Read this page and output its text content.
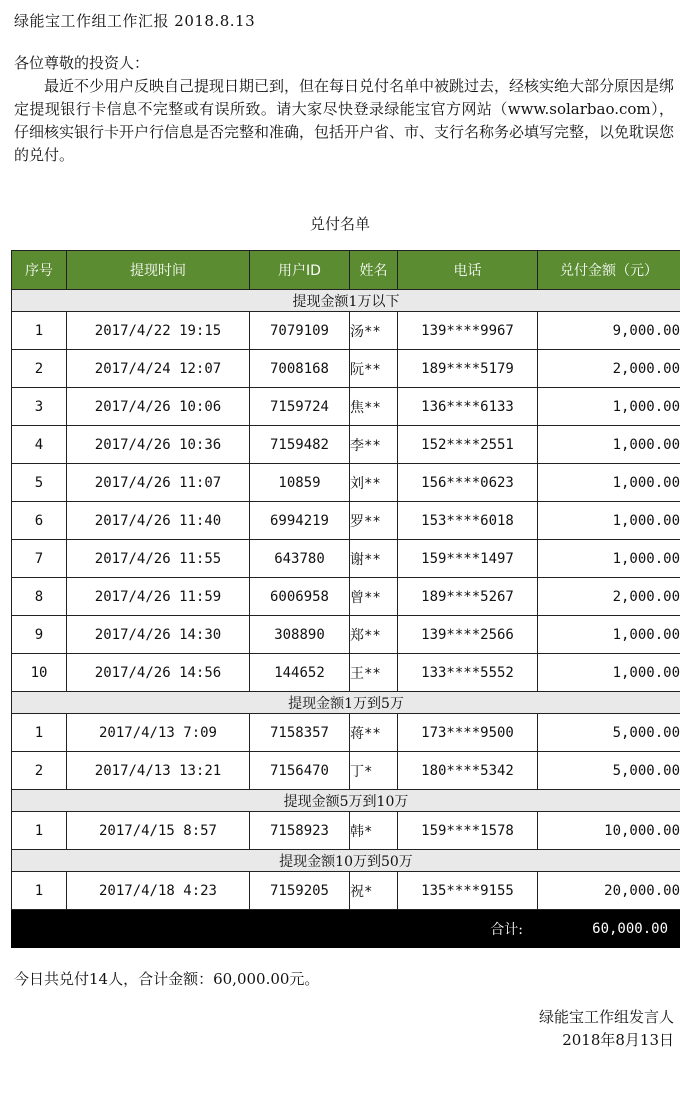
绿能宝工作组工作汇报 2018.8.13

各位尊敬的投资人：

最近不少用户反映自己提现日期已到，但在每日兑付名单中被跳过去，经核实绝大部分原因是绑定提现银行卡信息不完整或有误所致。请大家尽快登录绿能宝官方网站（www.solarbao.com），仔细核实银行卡开户行信息是否完整和准确，包括开户省、市、支行名称务必填写完整，以免耽误您的兑付。

兑付名单
序号	提现时间	用户ID	姓名	电话	兑付金额（元）
提现金额1万以下					
1	2017/4/22 19:15	7079109	汤**	139****9967	9,000.00
2	2017/4/24 12:07	7008168	阮**	189****5179	2,000.00
3	2017/4/26 10:06	7159724	焦**	136****6133	1,000.00
4	2017/4/26 10:36	7159482	李**	152****2551	1,000.00
5	2017/4/26 11:07	10859	刘**	156****0623	1,000.00
6	2017/4/26 11:40	6994219	罗**	153****6018	1,000.00
7	2017/4/26 11:55	643780	谢**	159****1497	1,000.00
8	2017/4/26 11:59	6006958	曾**	189****5267	2,000.00
9	2017/4/26 14:30	308890	郑**	139****2566	1,000.00
10	2017/4/26 14:56	144652	王**	133****5552	1,000.00
提现金额1万到5万					
1	2017/4/13 7:09	7158357	蒋**	173****9500	5,000.00
2	2017/4/13 13:21	7156470	丁*	180****5342	5,000.00
提现金额5万到10万					
1	2017/4/15 8:57	7158923	韩*	159****1578	10,000.00
提现金额10万到50万					
1	2017/4/18 4:23	7159205	祝*	135****9155	20,000.00
合计:					60,000.00
今日共兑付14人，合计金额：60,000.00元。
绿能宝工作组发言人
2018年8月13日
